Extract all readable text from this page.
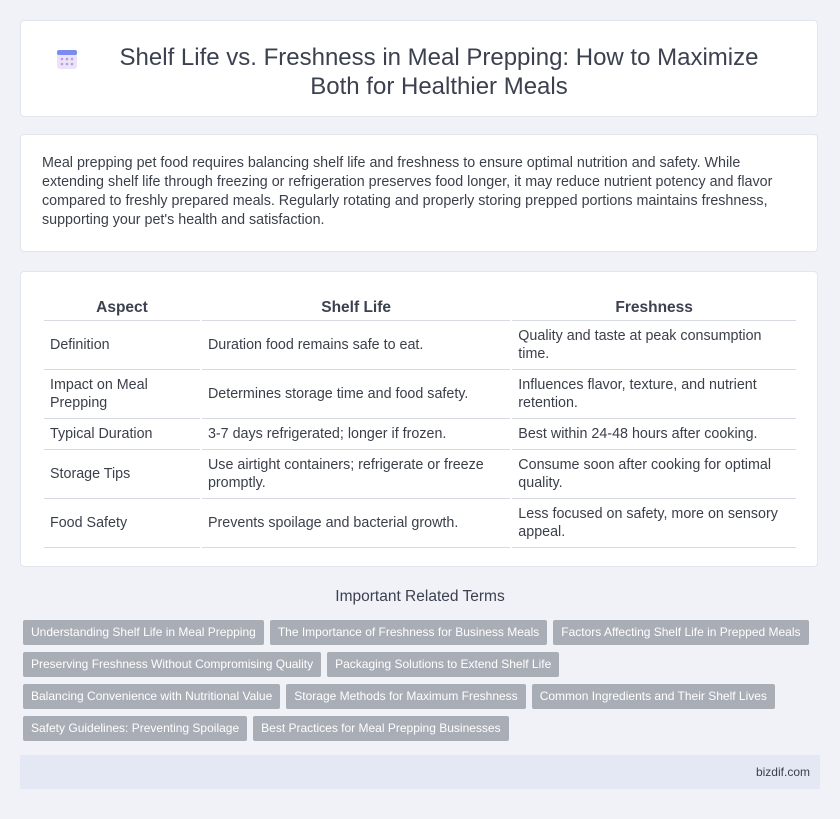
Shelf Life vs. Freshness in Meal Prepping: How to Maximize Both for Healthier Meals

Meal prepping pet food requires balancing shelf life and freshness to ensure optimal nutrition and safety. While extending shelf life through freezing or refrigeration preserves food longer, it may reduce nutrient potency and flavor compared to freshly prepared meals. Regularly rotating and properly storing prepped portions maintains freshness, supporting your pet's health and satisfaction.

Aspect	Shelf Life	Freshness
Definition	Duration food remains safe to eat.	Quality and taste at peak consumption time.
Impact on Meal Prepping	Determines storage time and food safety.	Influences flavor, texture, and nutrient retention.
Typical Duration	3-7 days refrigerated; longer if frozen.	Best within 24-48 hours after cooking.
Storage Tips	Use airtight containers; refrigerate or freeze promptly.	Consume soon after cooking for optimal quality.
Food Safety	Prevents spoilage and bacterial growth.	Less focused on safety, more on sensory appeal.
Important Related Terms
Understanding Shelf Life in Meal Prepping The Importance of Freshness for Business Meals Factors Affecting Shelf Life in Prepped Meals
Preserving Freshness Without Compromising Quality Packaging Solutions to Extend Shelf Life
Balancing Convenience with Nutritional Value Storage Methods for Maximum Freshness Common Ingredients and Their Shelf Lives
Safety Guidelines: Preventing Spoilage Best Practices for Meal Prepping Businesses
bizdif.com
